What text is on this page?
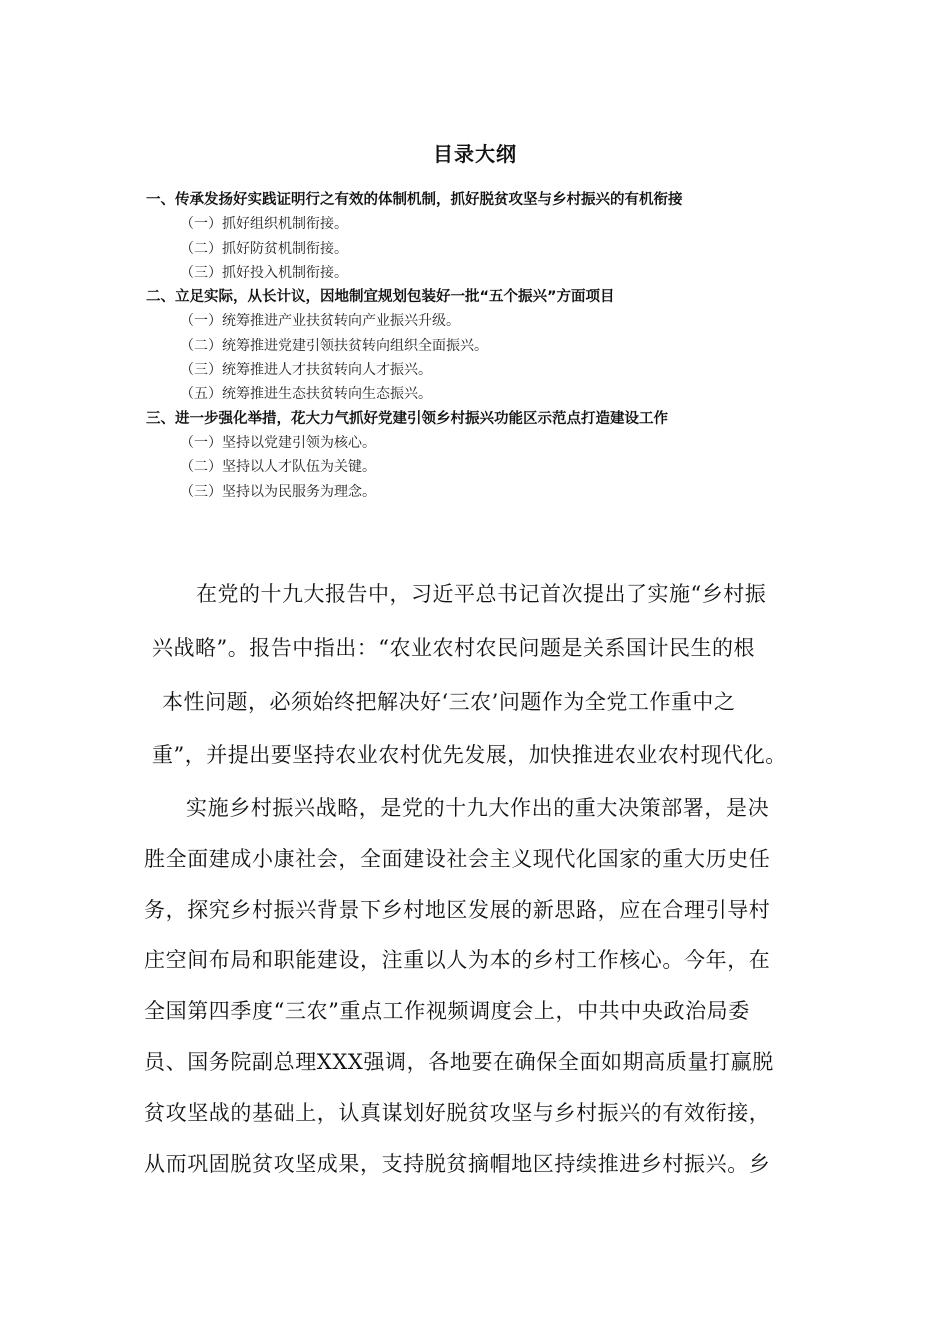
目录大纲
一、传承发扬好实践证明行之有效的体制机制，抓好脱贫攻坚与乡村振兴的有机衔接
（一）抓好组织机制衔接。
（二）抓好防贫机制衔接。
（三）抓好投入机制衔接。
二、立足实际，从长计议，因地制宜规划包装好一批“五个振兴”方面项目
（一）统筹推进产业扶贫转向产业振兴升级。
（二）统筹推进党建引领扶贫转向组织全面振兴。
（三）统筹推进人才扶贫转向人才振兴。
（五）统筹推进生态扶贫转向生态振兴。
三、进一步强化举措，花大力气抓好党建引领乡村振兴功能区示范点打造建设工作
（一）坚持以党建引领为核心。
（二）坚持以人才队伍为关键。
（三）坚持以为民服务为理念。
在党的十九大报告中，习近平总书记首次提出了实施“乡村振
兴战略”。报告中指出：“农业农村农民问题是关系国计民生的根
本性问题，必须始终把解决好‘三农’问题作为全党工作重中之
重”，并提出要坚持农业农村优先发展，加快推进农业农村现代化。
实施乡村振兴战略，是党的十九大作出的重大决策部署，是决
胜全面建成小康社会，全面建设社会主义现代化国家的重大历史任
务，探究乡村振兴背景下乡村地区发展的新思路，应在合理引导村
庄空间布局和职能建设，注重以人为本的乡村工作核心。今年，在
全国第四季度“三农”重点工作视频调度会上，中共中央政治局委
员、国务院副总理XXX强调，各地要在确保全面如期高质量打赢脱
贫攻坚战的基础上，认真谋划好脱贫攻坚与乡村振兴的有效衔接，
从而巩固脱贫攻坚成果，支持脱贫摘帽地区持续推进乡村振兴。乡
